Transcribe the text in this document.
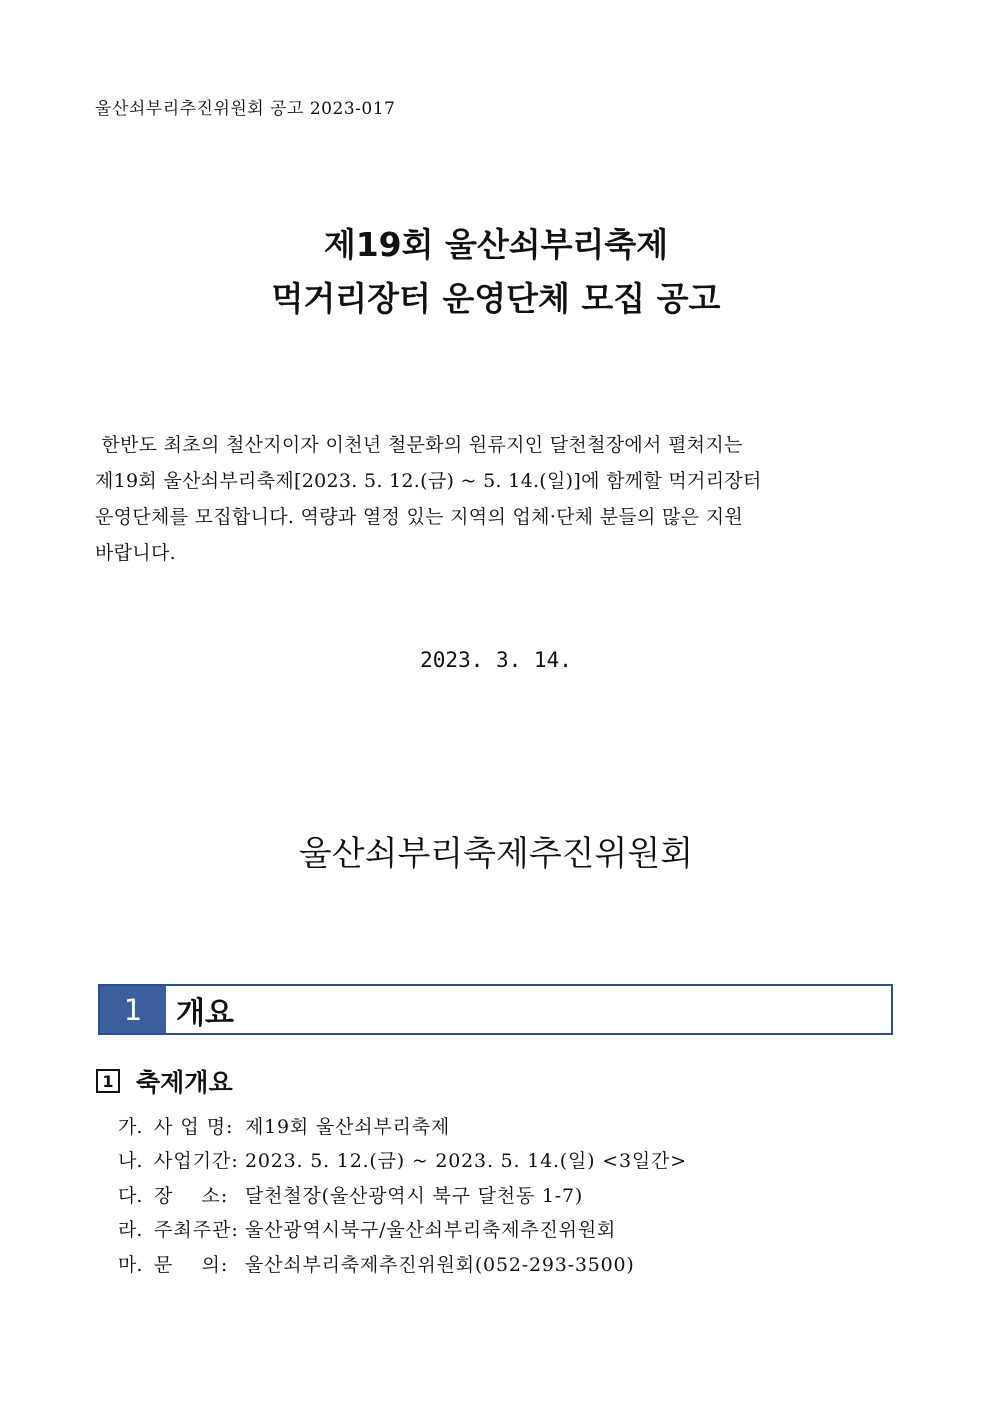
울산쇠부리추진위원회 공고 2023-017
제19회 울산쇠부리축제
먹거리장터 운영단체 모집 공고
한반도 최초의 철산지이자 이천년 철문화의 원류지인 달천철장에서 펼쳐지는
제19회 울산쇠부리축제[2023. 5. 12.(금) ~ 5. 14.(일)]에 함께할 먹거리장터
운영단체를 모집합니다. 역량과 열정 있는 지역의 업체·단체 분들의 많은 지원
바랍니다.
2023. 3. 14.
울산쇠부리축제추진위원회
1	개요
1 축제개요
가. 사 업 명: 제19회 울산쇠부리축제
나. 사업기간: 2023. 5. 12.(금) ~ 2023. 5. 14.(일) <3일간>
다. 장    소: 달천철장(울산광역시 북구 달천동 1-7)
라. 주최주관: 울산광역시북구/울산쇠부리축제추진위원회
마. 문    의: 울산쇠부리축제추진위원회(052-293-3500)
